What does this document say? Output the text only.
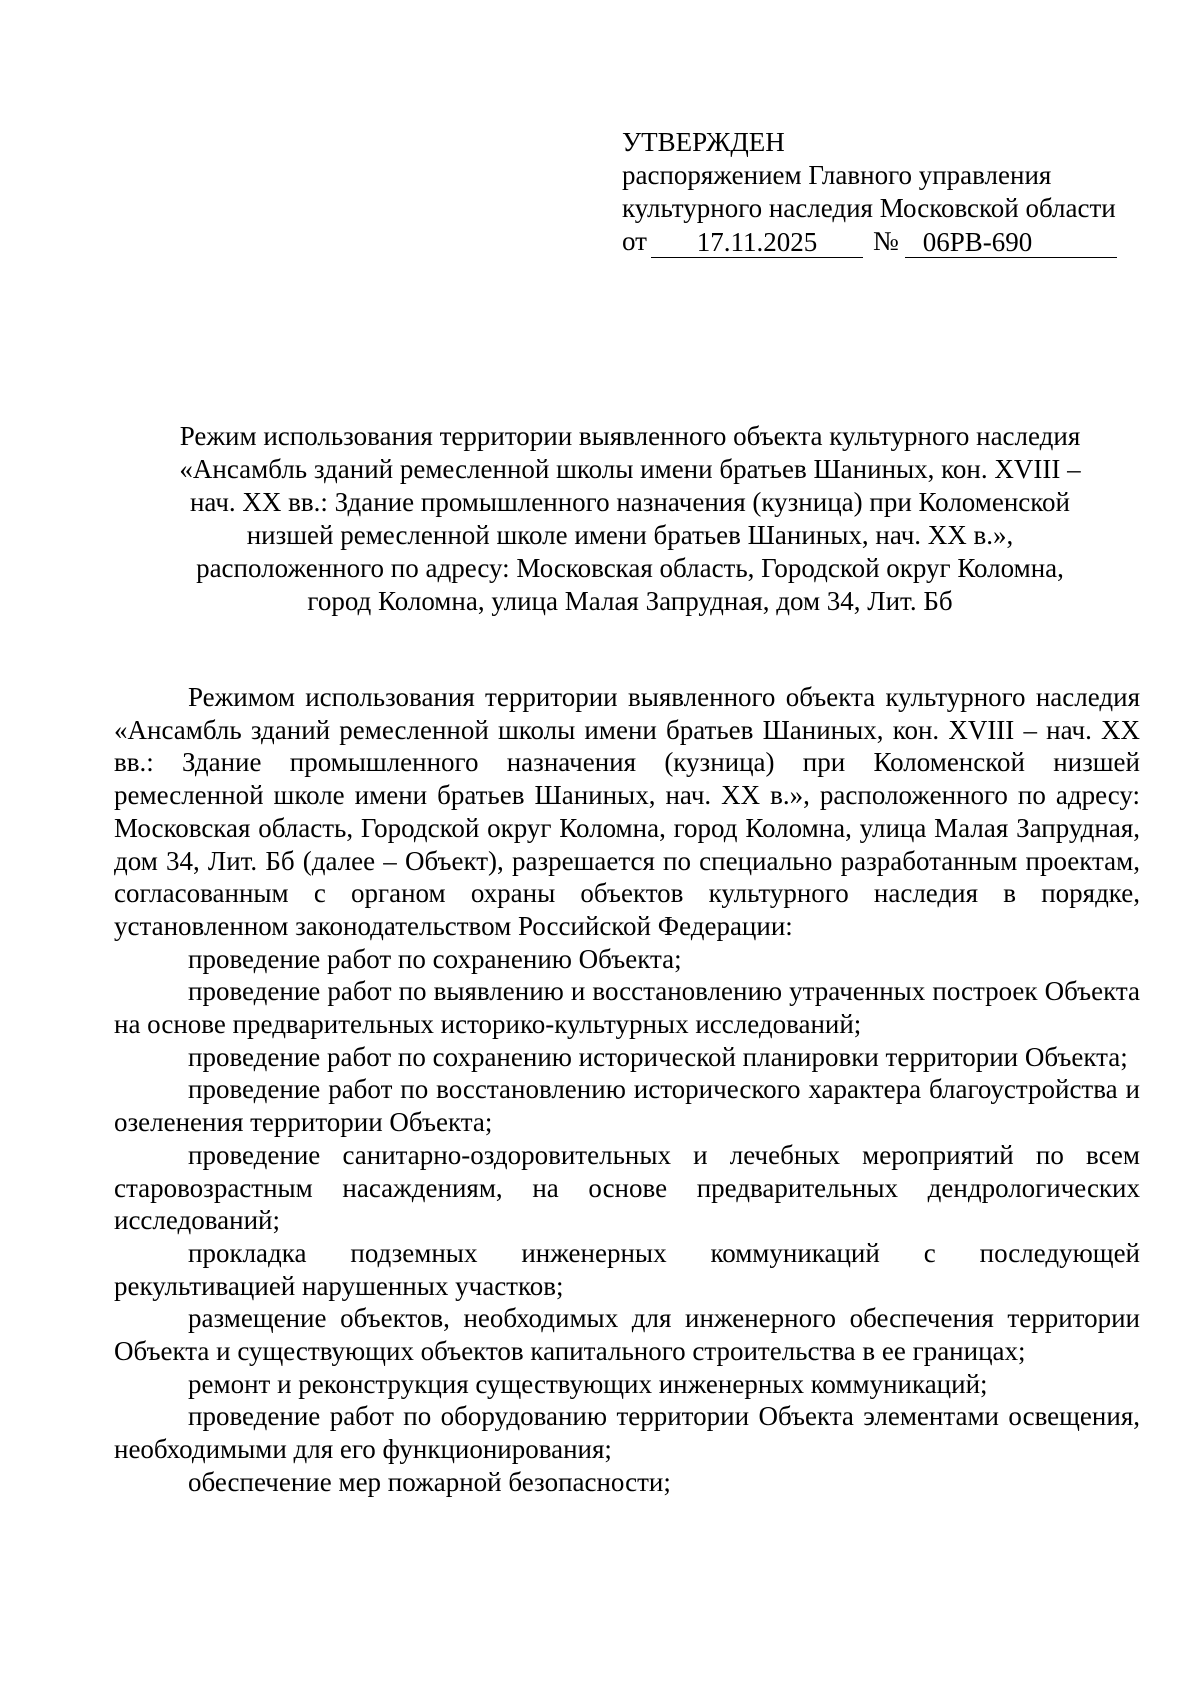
УТВЕРЖДЕН
распоряжением Главного управления
культурного наследия Московской области
от	17.11.2025	№ 06РВ-690
Режим использования территории выявленного объекта культурного наследия
«Ансамбль зданий ремесленной школы имени братьев Шаниных, кон. XVIII –
нач. XX вв.: Здание промышленного назначения (кузница) при Коломенской
низшей ремесленной школе имени братьев Шаниных, нач. XX в.»,
расположенного по адресу: Московская область, Городской округ Коломна,
город Коломна, улица Малая Запрудная, дом 34, Лит. Бб

Режимом использования территории выявленного объекта культурного наследия «Ансамбль зданий ремесленной школы имени братьев Шаниных, кон. XVIII – нач. XX вв.: Здание промышленного назначения (кузница) при Коломенской низшей ремесленной школе имени братьев Шаниных, нач. XX в.», расположенного по адресу: Московская область, Городской округ Коломна, город Коломна, улица Малая Запрудная, дом 34, Лит. Бб (далее – Объект), разрешается по специально разработанным проектам, согласованным с органом охраны объектов культурного наследия в порядке, установленном законодательством Российской Федерации:

проведение работ по сохранению Объекта;

проведение работ по выявлению и восстановлению утраченных построек Объекта на основе предварительных историко-культурных исследований;

проведение работ по сохранению исторической планировки территории Объекта;

проведение работ по восстановлению исторического характера благоустройства и озеленения территории Объекта;

проведение санитарно-оздоровительных и лечебных мероприятий по всем старовозрастным насаждениям, на основе предварительных дендрологических исследований;

прокладка подземных инженерных коммуникаций с последующей рекультивацией нарушенных участков;

размещение объектов, необходимых для инженерного обеспечения территории Объекта и существующих объектов капитального строительства в ее границах;

ремонт и реконструкция существующих инженерных коммуникаций;

проведение работ по оборудованию территории Объекта элементами освещения, необходимыми для его функционирования;

обеспечение мер пожарной безопасности;
